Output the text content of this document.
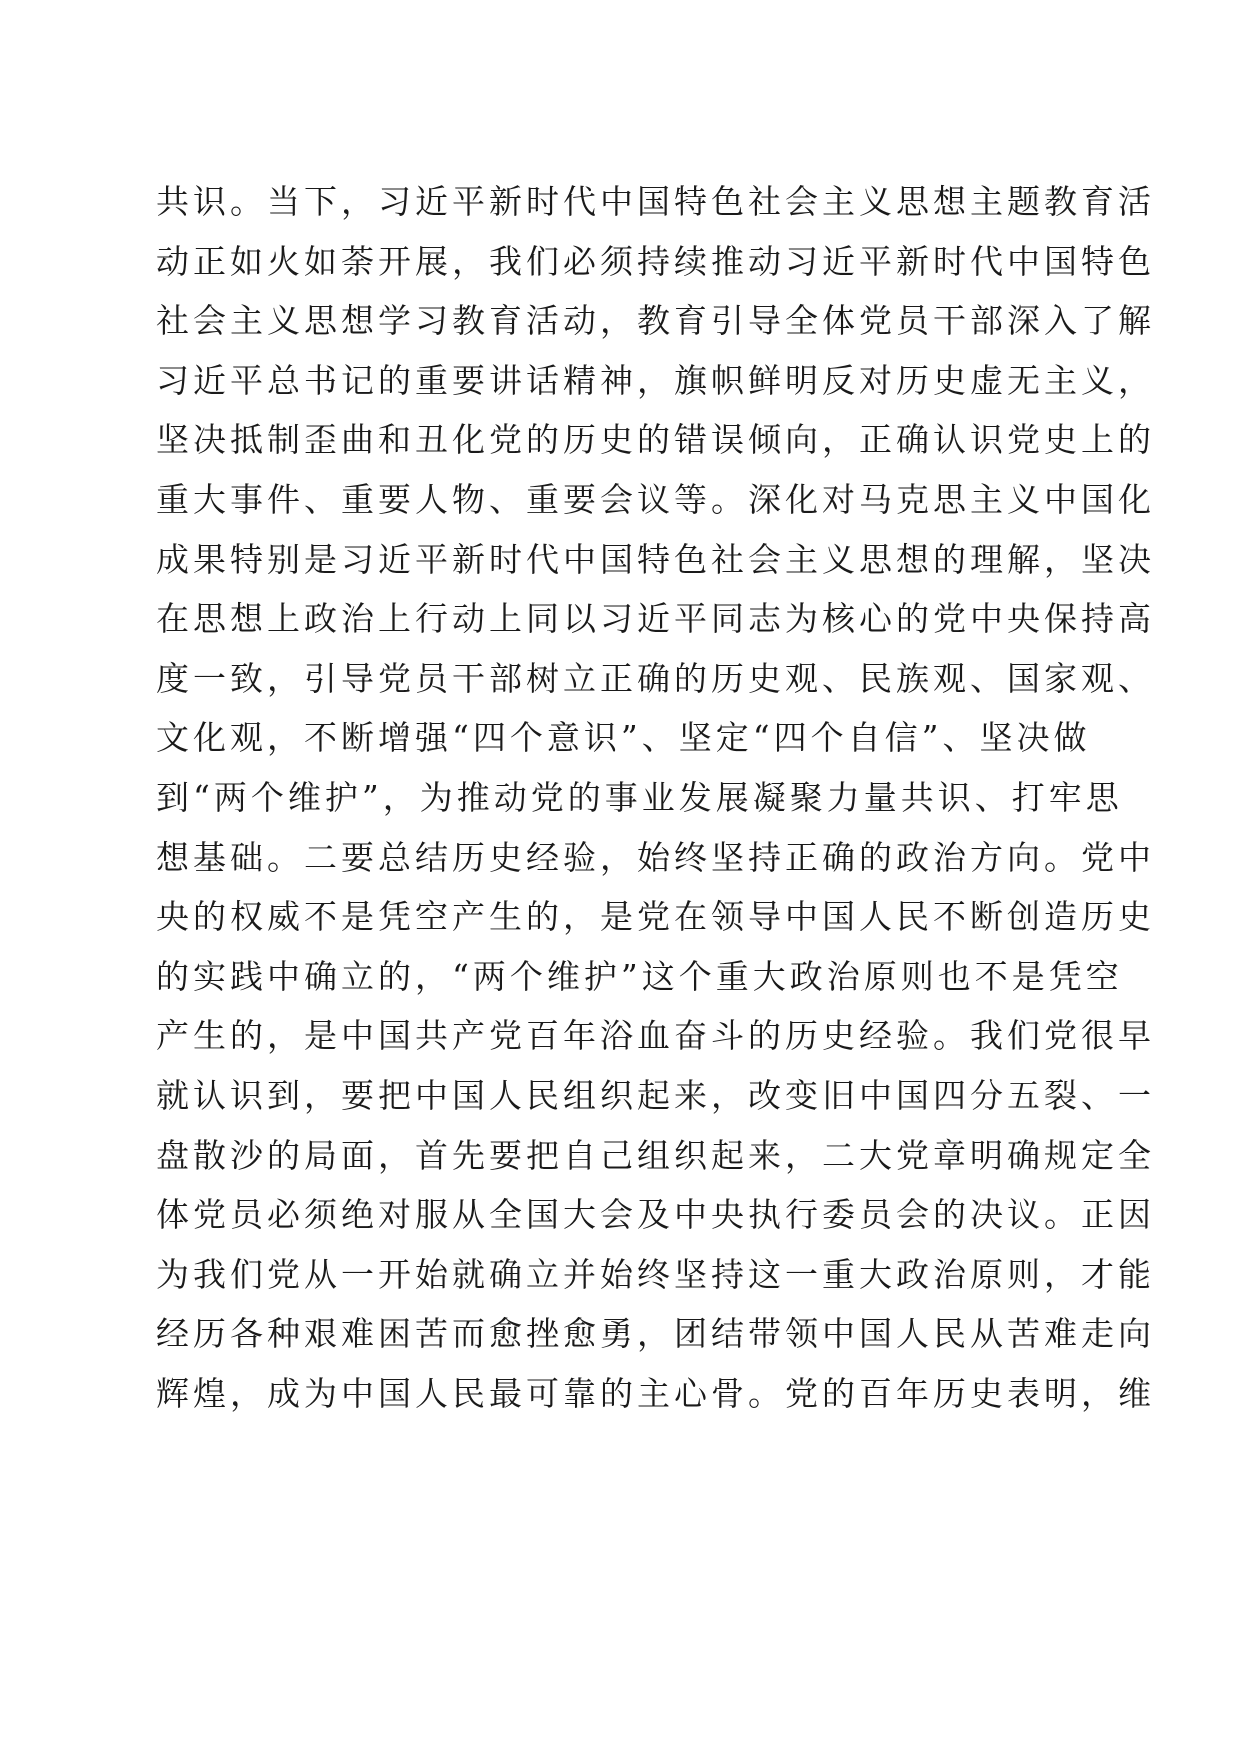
共识。当下，习近平新时代中国特色社会主义思想主题教育活
动正如火如荼开展，我们必须持续推动习近平新时代中国特色
社会主义思想学习教育活动，教育引导全体党员干部深入了解
习近平总书记的重要讲话精神，旗帜鲜明反对历史虚无主义，
坚决抵制歪曲和丑化党的历史的错误倾向，正确认识党史上的
重大事件、重要人物、重要会议等。深化对马克思主义中国化
成果特别是习近平新时代中国特色社会主义思想的理解，坚决
在思想上政治上行动上同以习近平同志为核心的党中央保持高
度一致，引导党员干部树立正确的历史观、民族观、国家观、
文化观，不断增强“四个意识”、坚定“四个自信”、坚决做
到“两个维护”，为推动党的事业发展凝聚力量共识、打牢思
想基础。二要总结历史经验，始终坚持正确的政治方向。党中
央的权威不是凭空产生的，是党在领导中国人民不断创造历史
的实践中确立的，“两个维护”这个重大政治原则也不是凭空
产生的，是中国共产党百年浴血奋斗的历史经验。我们党很早
就认识到，要把中国人民组织起来，改变旧中国四分五裂、一
盘散沙的局面，首先要把自己组织起来，二大党章明确规定全
体党员必须绝对服从全国大会及中央执行委员会的决议。正因
为我们党从一开始就确立并始终坚持这一重大政治原则，才能
经历各种艰难困苦而愈挫愈勇，团结带领中国人民从苦难走向
辉煌，成为中国人民最可靠的主心骨。党的百年历史表明，维
